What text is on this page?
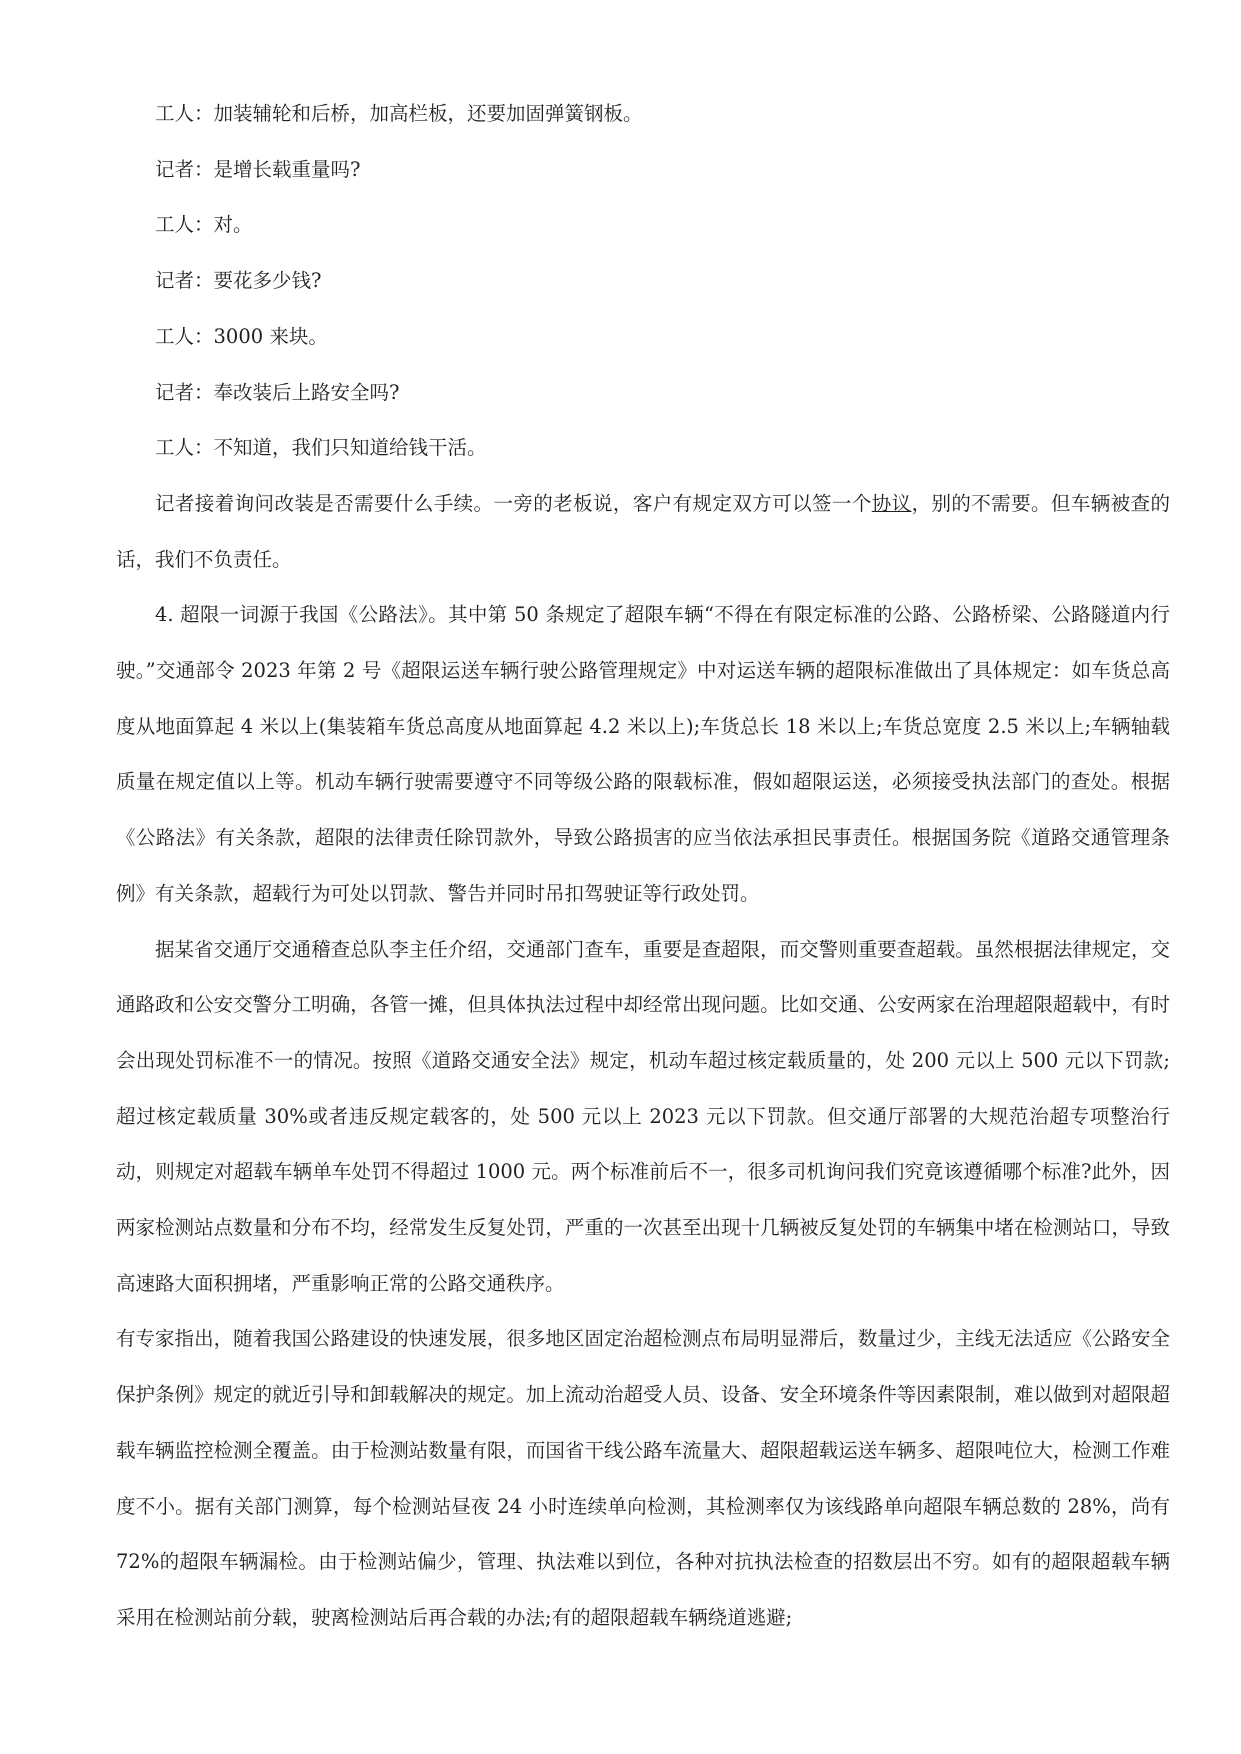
工人：加装辅轮和后桥，加高栏板，还要加固弹簧钢板。

记者：是增长载重量吗?

工人：对。

记者：要花多少钱?

工人：3000 来块。

记者：奉改装后上路安全吗?

工人：不知道，我们只知道给钱干活。

记者接着询问改装是否需要什么手续。一旁的老板说，客户有规定双方可以签一个协议，别的不需要。但车辆被查的话，我们不负责任。

4. 超限一词源于我国《公路法》。其中第 50 条规定了超限车辆“不得在有限定标准的公路、公路桥梁、公路隧道内行驶。”交通部令 2023 年第 2 号《超限运送车辆行驶公路管理规定》中对运送车辆的超限标准做出了具体规定：如车货总高度从地面算起 4 米以上(集装箱车货总高度从地面算起 4.2 米以上);车货总长 18 米以上;车货总宽度 2.5 米以上;车辆轴载质量在规定值以上等。机动车辆行驶需要遵守不同等级公路的限载标准，假如超限运送，必须接受执法部门的查处。根据《公路法》有关条款，超限的法律责任除罚款外，导致公路损害的应当依法承担民事责任。根据国务院《道路交通管理条例》有关条款，超载行为可处以罚款、警告并同时吊扣驾驶证等行政处罚。

据某省交通厅交通稽查总队李主任介绍，交通部门查车，重要是查超限，而交警则重要查超载。虽然根据法律规定，交通路政和公安交警分工明确，各管一摊，但具体执法过程中却经常出现问题。比如交通、公安两家在治理超限超载中，有时会出现处罚标准不一的情况。按照《道路交通安全法》规定，机动车超过核定载质量的，处 200 元以上 500 元以下罚款;超过核定载质量 30%或者违反规定载客的，处 500 元以上 2023 元以下罚款。但交通厅部署的大规范治超专项整治行动，则规定对超载车辆单车处罚不得超过 1000 元。两个标准前后不一，很多司机询问我们究竟该遵循哪个标准?此外，因两家检测站点数量和分布不均，经常发生反复处罚，严重的一次甚至出现十几辆被反复处罚的车辆集中堵在检测站口，导致高速路大面积拥堵，严重影响正常的公路交通秩序。

有专家指出，随着我国公路建设的快速发展，很多地区固定治超检测点布局明显滞后，数量过少，主线无法适应《公路安全保护条例》规定的就近引导和卸载解决的规定。加上流动治超受人员、设备、安全环境条件等因素限制，难以做到对超限超载车辆监控检测全覆盖。由于检测站数量有限，而国省干线公路车流量大、超限超载运送车辆多、超限吨位大，检测工作难度不小。据有关部门测算，每个检测站昼夜 24 小时连续单向检测，其检测率仅为该线路单向超限车辆总数的 28%，尚有 72%的超限车辆漏检。由于检测站偏少，管理、执法难以到位，各种对抗执法检查的招数层出不穷。如有的超限超载车辆采用在检测站前分载，驶离检测站后再合载的办法;有的超限超载车辆绕道逃避;
